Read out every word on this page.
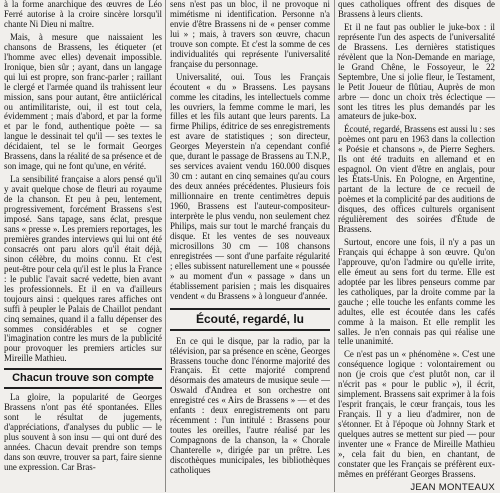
à la forme anarchique des œuvres de Léo Ferré autorise à la croire sincère lorsqu'il chante Ni Dieu ni maître.

Mais, à mesure que naissaient les chansons de Brassens, les étiqueter (et l'homme avec elles) devenait impossible. Ironique, bien sûr ; ayant, dans un langage qui lui est propre, son franc-parler ; raillant le clergé et l'armée quand ils trahissent leur mission, sans pour autant, être antiiclérical ou antimilitariste, oui, il est tout cela, évidemment ; mais d'abord, et par la forme et par le fond, authentique poète — sa langue le dessinait tel qu'il — ses textes le décidaient, tel se le formait Georges Brassens, dans la réalité de sa présence et de son image, qui ne font qu'une, en vérité.

La sensibilité française a alors pensé qu'il y avait quelque chose de fleuri au royaume de la chanson. Et peu à peu, lentement, progressivement, forcément Brassens s'est imposé. Sans tapage, sans éclat, presque sans « presse ». Les premiers reportages, les premières grandes interviews qui lui ont été consacrés ont paru alors qu'il était déjà, sinon célèbre, du moins connu. Et c'est peut-être pour cela qu'il est le plus la France : le public l'avait sacré vedette, bien avant les professionnels. Et il en va d'ailleurs toujours ainsi : quelques rares affiches ont suffi à peupler le Palais de Chaillot pendant cinq semaines, quand il a fallu dépenser des sommes considérables et se cogner l'imagination contre les murs de la publicité pour provoquer les premiers articles sur Mireille Mathieu.

Chacun trouve son compte

La gloire, la popularité de Georges Brassens n'ont pas été spontanées. Elles sont le résultat de jugements, d'appréciations, d'analyses du public — le plus souvent à son insu — qui ont duré des années. Chacun devait prendre son temps dans son œuvre, trouver sa part, faire sienne une expression. Car Bras-

sens n'est pas un bloc, il ne provoque ni mimétisme ni identification. Personne n'a envie d'être Brassens ni de « penser comme lui » ; mais, à travers son œuvre, chacun trouve son compte. Et c'est la somme de ces individualités qui représente l'universalité française du personnage.

Universalité, oui. Tous les Français écoutent « du » Brassens. Les paysans comme les citadins, les intellectuels comme les ouvriers, la femme comme le mari, les filles et les fils autant que leurs parents. La firme Philips, éditrice de ses enregistrements est avare de statistiques ; son directeur, Georges Meyerstein n'a cependant confié que, durant le passage de Brassens au T.N.P., ses services avaient vendu 160.000 disques 30 cm : autant en cinq semaines qu'au cours des deux années précédentes. Plusieurs fois millionnaire en trente centimètres depuis 1960, Brassens est l'auteur-compositeur-interprète le plus vendu, non seulement chez Philips, mais sur tout le marché français du disque. Et les ventes de ses nouveaux microsillons 30 cm — 108 chansons enregistrées — sont d'une parfaite régularité ; elles subissent naturellement une « poussée » au moment d'un « passage » dans un établissement parisien ; mais les disquaires vendent « du Brassens » à longueur d'année.

Écouté, regardé, lu

En ce qui le disque, par la radio, par la télévision, par sa présence en scène, Georges Brassens touche donc l'énorme majorité des Français. Et cette majorité comprend désormais des amateurs de musique seule — Oswald d'Andrea et son orchestre ont enregistré ces « Airs de Brassens » — et des enfants : deux enregistrements ont paru récemment : l'un intitulé : Brassens pour toutes les oreilles, l'autre réalisé par les Compagnons de la chanson, la « Chorale Chanterelle », dirigée par un prêtre. Les discothèques municipales, les bibliothèques catholiques

ques catholiques offrent des disques de Brassens à leurs clients.

Et il ne faut pas oublier le juke-box : il représente l'un des aspects de l'universalité de Brassens. Les dernières statistiques révèlent que la Non-Demande en mariage, le Grand Chêne, le Fossoyeur, le 22 Septembre, Une si jolie fleur, le Testament, le Petit Joueur de flûtiau, Auprès de mon arbre — donc un choix très éclectique — sont les titres les plus demandés par les amateurs de juke-box.

Écouté, regardé, Brassens est aussi lu : ses poèmes ont paru en 1963 dans la collection « Poésie et chansons », de Pierre Seghers. Ils ont été traduits en allemand et en espagnol. On vient d'être en anglais, pour les États-Unis. En Pologne, en Argentine, partant de la lecture de ce recueil de poèmes et la complicité par des auditions de disques, des offices culturels organisent régulièrement des soirées d'Étude de Brassens.

Surtout, encore une fois, il n'y a pas un Français qui échappe à son œuvre. Qu'on l'approuve, qu'on l'admire ou qu'elle irrite, elle émeut au sens fort du terme. Elle est adoptée par les libres penseurs comme par les catholiques, par la droite comme par la gauche ; elle touche les enfants comme les adultes, elle est écoutée dans les cafés comme à la maison. Et elle remplit les salles. Je n'en connais pas qui réalise une telle unanimité.

Ce n'est pas un « phénomène ». C'est une conséquence logique : volontairement ou non (je crois que c'est plutôt non, car il n'écrit pas « pour le public »), il écrit, simplement. Brassens sait exprimer à la fois l'esprit français, le cœur français, tous les Français. Il y a lieu d'admirer, non de s'étonner. Et à l'époque où Johnny Stark et quelques autres se mettent sur pied — pour inventer une « France de Mireille Mathieu », cela fait du bien, en chantant, de constater que les Français se préfèrent eux-mêmes en préférant Georges Brassens.

JEAN MONTEAUX
